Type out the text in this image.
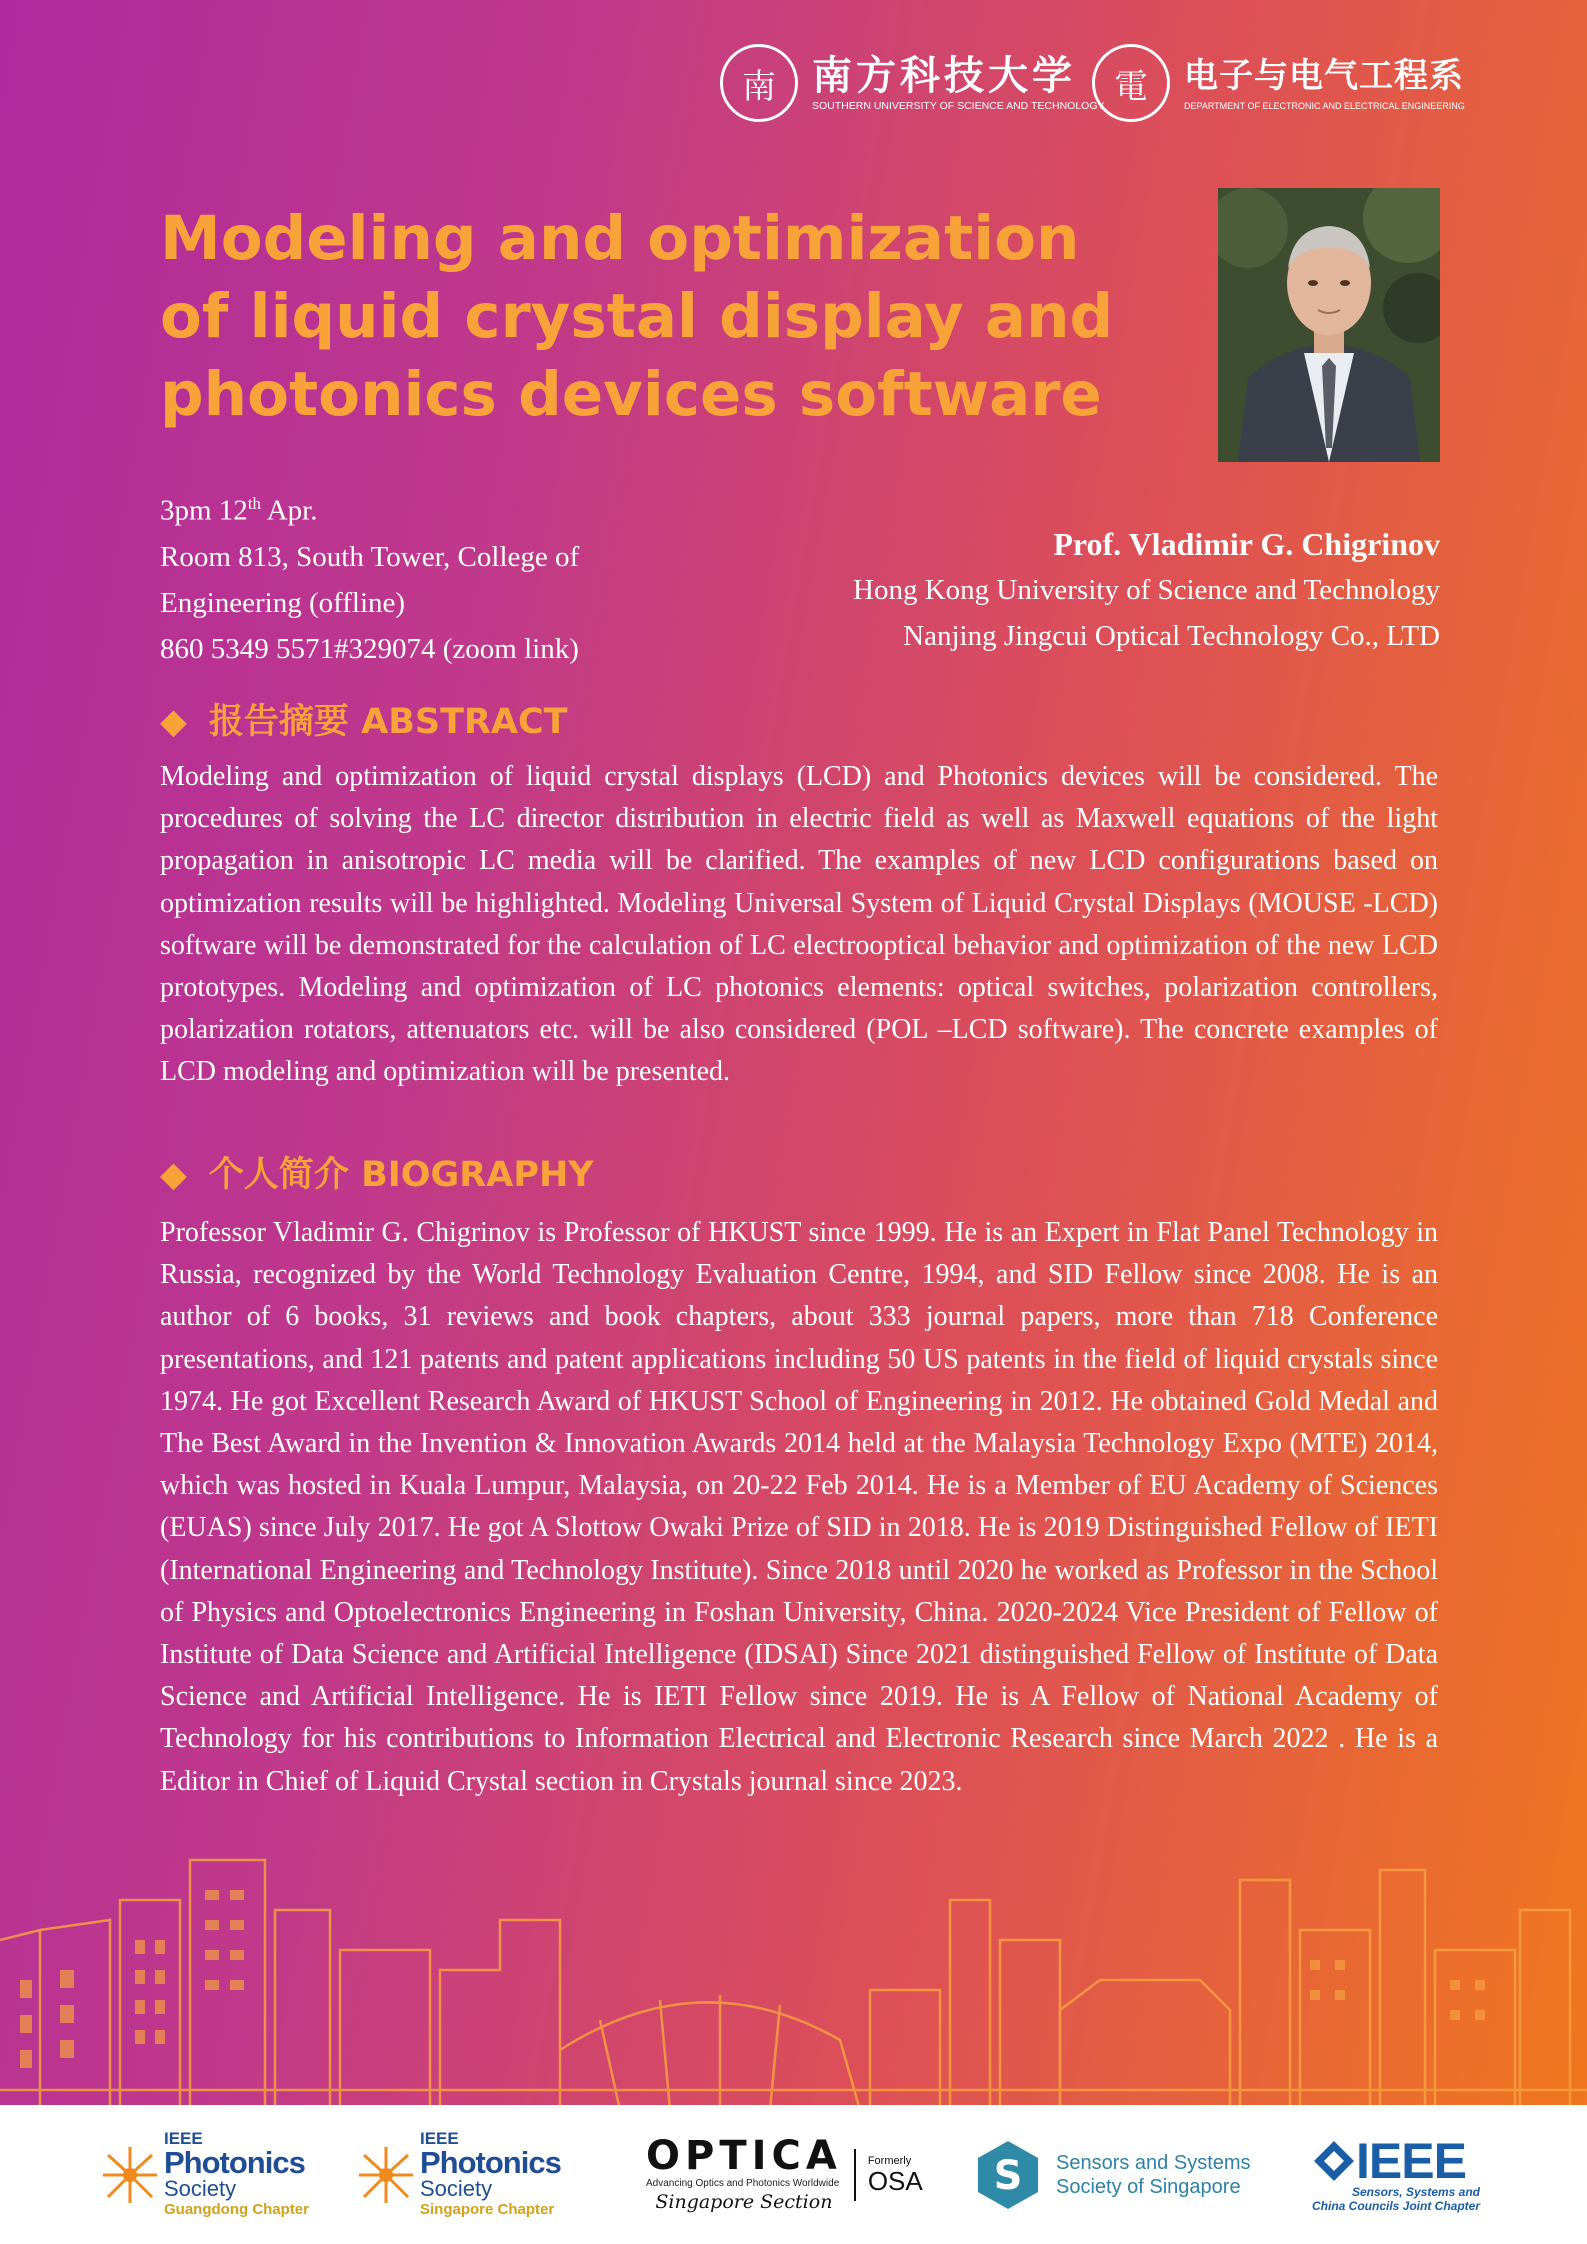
南 南方科技大学
SOUTHERN UNIVERSITY OF SCIENCE AND TECHNOLOGY 電	电子与电气工程系
DEPARTMENT OF ELECTRONIC AND ELECTRICAL ENGINEERING
Modeling and optimization
of liquid crystal display and
photonics devices software
3pm 12th Apr.
Room 813, South Tower, College of
Engineering (offline)
860 5349 5571#329074 (zoom link)
Prof. Vladimir G. Chigrinov
Hong Kong University of Science and Technology
Nanjing Jingcui Optical Technology Co., LTD
◆ 报告摘要 ABSTRACT
Modeling and optimization of liquid crystal displays (LCD) and Photonics devices will be considered. The procedures of solving the LC director distribution in electric field as well as Maxwell equations of the light propagation in anisotropic LC media will be clarified. The examples of new LCD configurations based on optimization results will be highlighted. Modeling Universal System of Liquid Crystal Displays (MOUSE -LCD) software will be demonstrated for the calculation of LC electrooptical behavior and optimization of the new LCD prototypes. Modeling and optimization of LC photonics elements: optical switches, polarization controllers, polarization rotators, attenuators etc. will be also considered (POL –LCD software). The concrete examples of LCD modeling and optimization will be presented.
◆ 个人简介 BIOGRAPHY
Professor Vladimir G. Chigrinov is Professor of HKUST since 1999. He is an Expert in Flat Panel Technology in Russia, recognized by the World Technology Evaluation Centre, 1994, and SID Fellow since 2008. He is an author of 6 books, 31 reviews and book chapters, about 333 journal papers, more than 718 Conference presentations, and 121 patents and patent applications including 50 US patents in the field of liquid crystals since 1974. He got Excellent Research Award of HKUST School of Engineering in 2012. He obtained Gold Medal and The Best Award in the Invention & Innovation Awards 2014 held at the Malaysia Technology Expo (MTE) 2014, which was hosted in Kuala Lumpur, Malaysia, on 20-22 Feb 2014. He is a Member of EU Academy of Sciences (EUAS) since July 2017. He got A Slottow Owaki Prize of SID in 2018. He is 2019 Distinguished Fellow of IETI (International Engineering and Technology Institute). Since 2018 until 2020 he worked as Professor in the School of Physics and Optoelectronics Engineering in Foshan University, China. 2020-2024 Vice President of Fellow of Institute of Data Science and Artificial Intelligence (IDSAI) Since 2021 distinguished Fellow of Institute of Data Science and Artificial Intelligence. He is IETI Fellow since 2019. He is A Fellow of National Academy of Technology for his contributions to Information Electrical and Electronic Research since March 2022 . He is a Editor in Chief of Liquid Crystal section in Crystals journal since 2023.
IEEE
Photonics
Society
Guangdong Chapter
IEEE
Photonics
Society
Singapore Chapter
OPTICA
Advancing Optics and Photonics Worldwide
Singapore Section
Formerly
OSA S Sensors and Systems
Society of Singapore IEEE
Sensors, Systems and
China Councils Joint Chapter
